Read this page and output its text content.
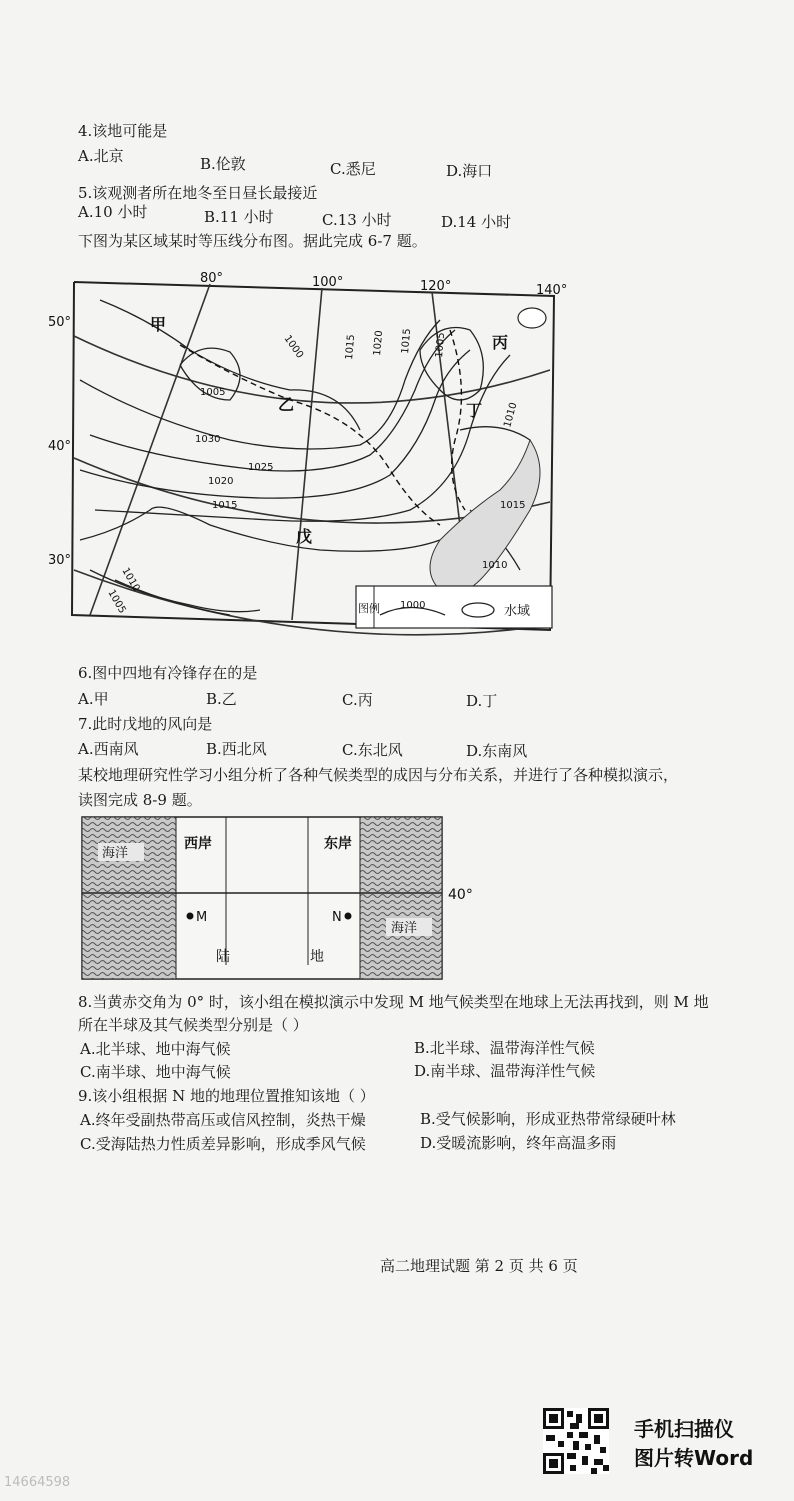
4.该地可能是
A.北京	B.伦敦	C.悉尼	D.海口
5.该观测者所在地冬至日昼长最接近
A.10 小时	B.11 小时	C.13 小时	D.14 小时
下图为某区域某时等压线分布图。据此完成 6-7 题。
80°	100°	120°	140°
50°
40°
30°
1005
1030
1025
1020
1015
1010
1005
1000	1015 1020 1015 1005
1010
1015
1010
甲
乙
丙
丁
戊
图例 1000	水域
6.图中四地有冷锋存在的是
A.甲	B.乙	C.丙	D.丁
7.此时戊地的风向是
A.西南风	B.西北风	C.东北风	D.东南风
某校地理研究性学习小组分析了各种气候类型的成因与分布关系，并进行了各种模拟演示，
读图完成 8-9 题。
海洋
海洋
西岸	东岸
M	N
陆	地
40°
8.当黄赤交角为 0° 时，该小组在模拟演示中发现 M 地气候类型在地球上无法再找到，则 M 地
所在半球及其气候类型分别是（ ）
A.北半球、地中海气候	B.北半球、温带海洋性气候
C.南半球、地中海气候	D.南半球、温带海洋性气候
9.该小组根据 N 地的地理位置推知该地（ ）
A.终年受副热带高压或信风控制，炎热干燥	B.受气候影响，形成亚热带常绿硬叶林
C.受海陆热力性质差异影响，形成季风气候	D.受暖流影响，终年高温多雨
高二地理试题 第 2 页 共 6 页
手机扫描仪
图片转Word
14664598
